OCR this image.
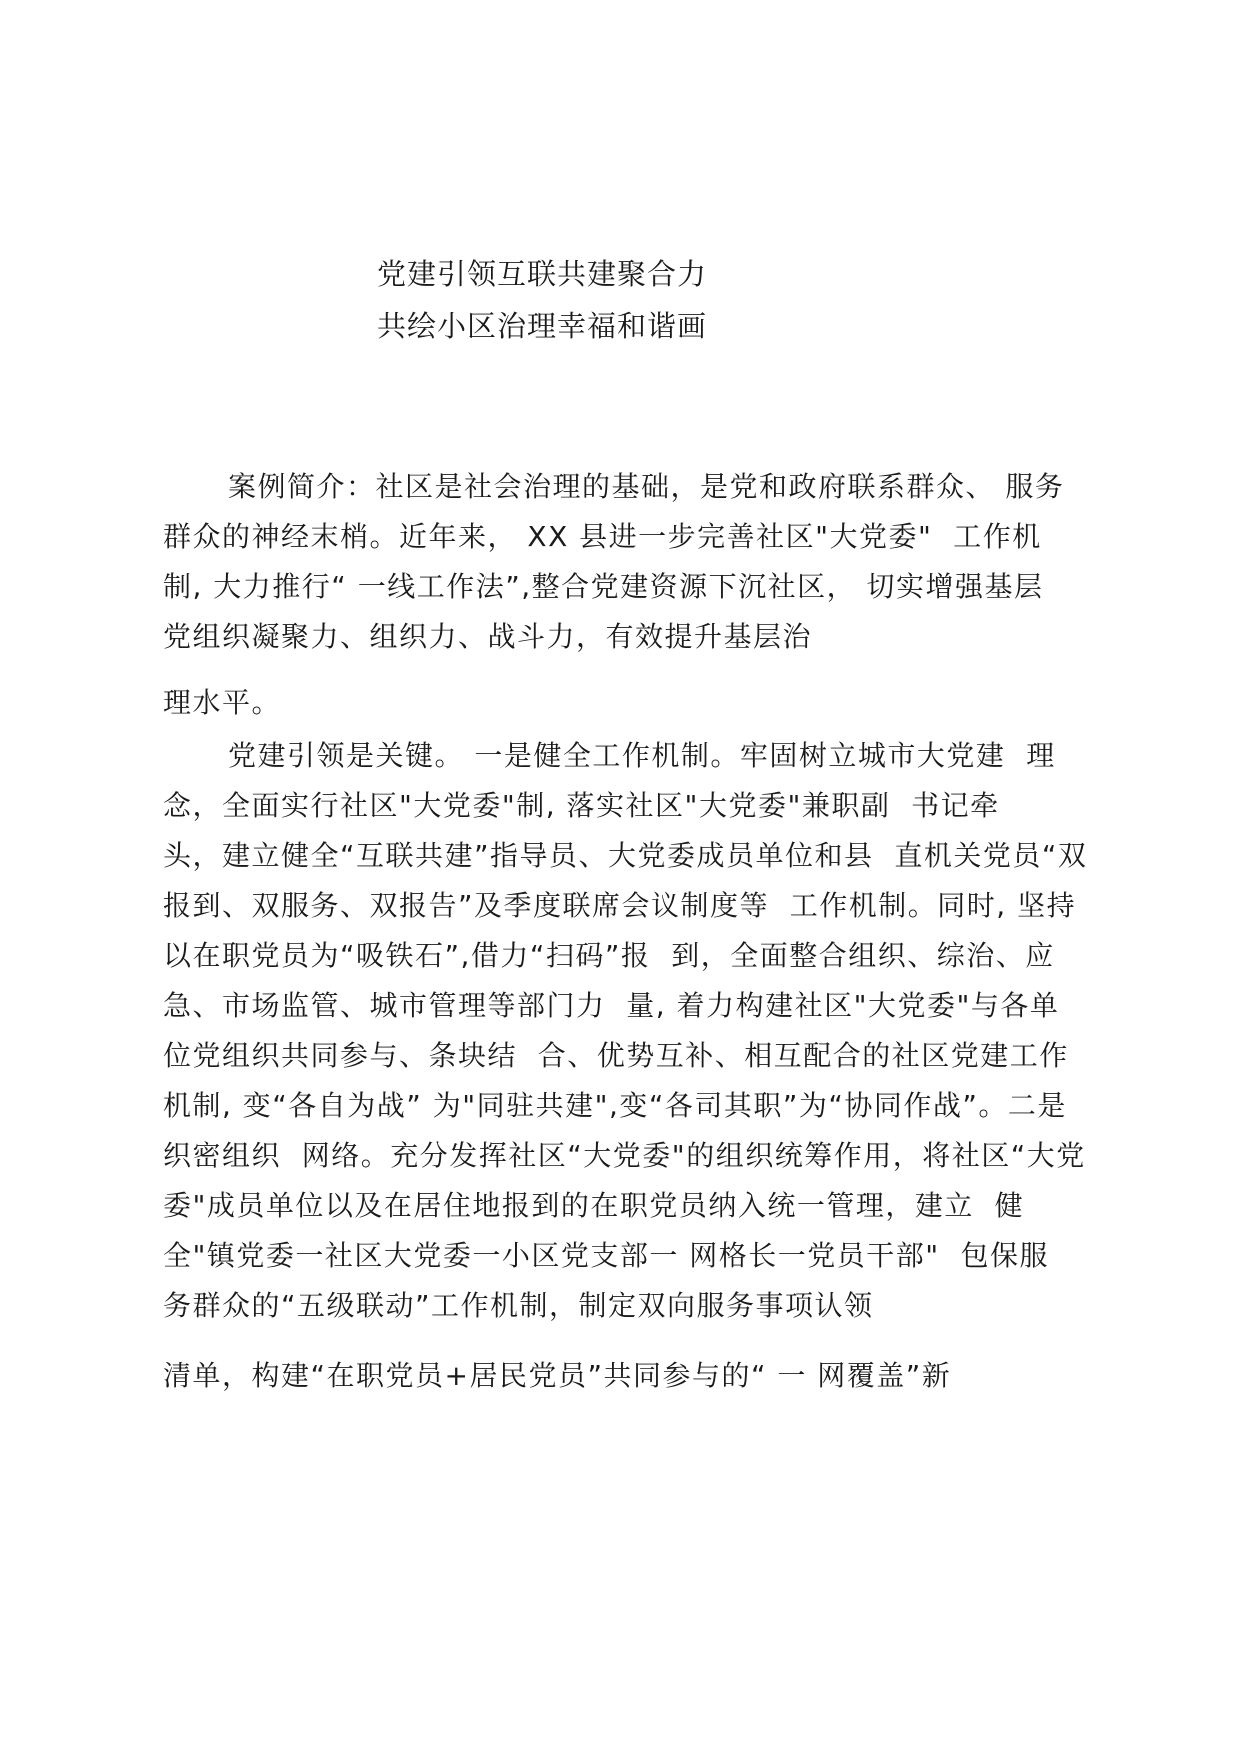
党建引领互联共建聚合力
共绘小区治理幸福和谐画
案例简介：社区是社会治理的基础，是党和政府联系群众、 服务
群众的神经末梢。近年来， XX 县进一步完善社区"大党委"  工作机
制, 大力推行“ 一线工作法”,整合党建资源下沉社区， 切实增强基层
党组织凝聚力、组织力、战斗力，有效提升基层治
理水平。
党建引领是关键。 一是健全工作机制。牢固树立城市大党建  理
念，全面实行社区"大党委"制, 落实社区"大党委"兼职副  书记牵
头，建立健全“互联共建”指导员、大党委成员单位和县  直机关党员“双
报到、双服务、双报告”及季度联席会议制度等  工作机制。同时, 坚持
以在职党员为“吸铁石”,借力“扫码”报  到，全面整合组织、综治、应
急、市场监管、城市管理等部门力  量, 着力构建社区"大党委"与各单
位党组织共同参与、条块结  合、优势互补、相互配合的社区党建工作
机制, 变“各自为战” 为"同驻共建",变“各司其职”为“协同作战”。二是
织密组织  网络。充分发挥社区“大党委"的组织统筹作用，将社区“大党
委"成员单位以及在居住地报到的在职党员纳入统一管理，建立  健
全"镇党委一社区大党委一小区党支部一 网格长一党员干部"  包保服
务群众的“五级联动”工作机制，制定双向服务事项认领
清单，构建“在职党员+居民党员”共同参与的“ 一 网覆盖”新
